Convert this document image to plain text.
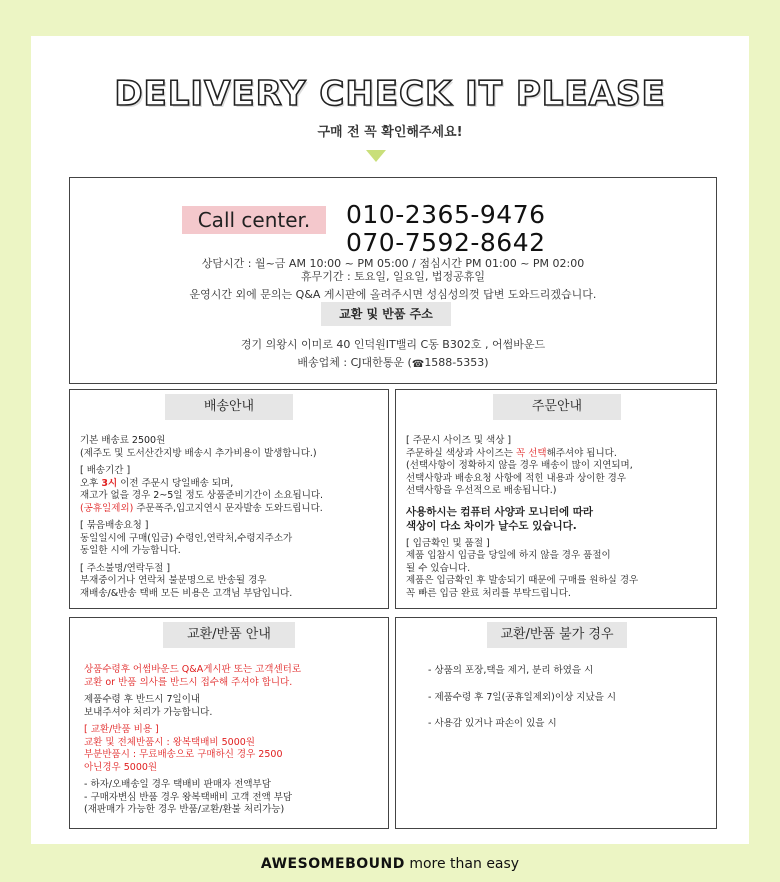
DELIVERY CHECK IT PLEASE
구매 전 꼭 확인해주세요!
Call center.	010-2365-9476
070-7592-8642
상담시간 : 월~금 AM 10:00 ~ PM 05:00 / 점심시간 PM 01:00 ~ PM 02:00
휴무기간 : 토요일, 일요일, 법정공휴일
운영시간 외에 문의는 Q&A 게시판에 올려주시면 성심성의껏 답변 도와드리겠습니다.
교환 및 반품 주소
경기 의왕시 이미로 40 인덕원IT밸리 C동 B302호 , 어썸바운드
배송업체 : CJ대한통운 (☎1588-5353)
배송안내
기본 배송료 2500원
(제주도 및 도서산간지방 배송시 추가비용이 발생합니다.)
[ 배송기간 ]
오후 3시 이전 주문시 당일배송 되며,
재고가 없을 경우 2~5일 정도 상품준비기간이 소요됩니다.
(공휴일제외) 주문폭주,입고지연시 문자발송 도와드립니다.
[ 묶음배송요청 ]
동일일시에 구매(입금) 수령인,연락처,수령지주소가
동일한 시에 가능합니다.
[ 주소불명/연락두절 ]
부재중이거나 연락처 불분명으로 반송될 경우
재배송/&반송 택배 모든 비용은 고객님 부담입니다.
주문안내
[ 주문시 사이즈 및 색상 ]
주문하실 색상과 사이즈는 꼭 선택해주셔야 됩니다.
(선택사항이 정확하지 않을 경우 배송이 많이 지연되며,
선택사항과 배송요청 사항에 적힌 내용과 상이한 경우
선택사항을 우선적으로 배송됩니다.)
사용하시는 컴퓨터 사양과 모니터에 따라
색상이 다소 차이가 날수도 있습니다.
[ 입금확인 및 품절 ]
제품 입참시 입금을 당일에 하지 않을 경우 품절이
될 수 있습니다.
제품은 입금확인 후 발송되기 때문에 구매를 원하실 경우
꼭 빠른 입금 완료 처리를 부탁드립니다.
교환/반품 안내
상품수령후 어썸바운드 Q&A게시판 또는 고객센터로
교환 or 반품 의사를 반드시 접수해 주셔야 합니다.
제품수령 후 반드시 7일이내
보내주셔야 처리가 가능합니다.
[ 교환/반품 비용 ]
교환 및 전체반품시 : 왕복택배비 5000원
부분반품시 : 무료배송으로 구매하신 경우 2500
아닌경우 5000원
- 하자/오배송일 경우 택배비 판매자 전액부담
- 구매자변심 반품 경우 왕복택배비 고객 전액 부담
(재판매가 가능한 경우 반품/교환/환불 처리가능)
교환/반품 불가 경우
- 상품의 포장,택을 제거, 분리 하였을 시
- 제품수령 후 7일(공휴일제외)이상 지났을 시
- 사용감 있거나 파손이 있을 시
AWESOMEBOUND more than easy
